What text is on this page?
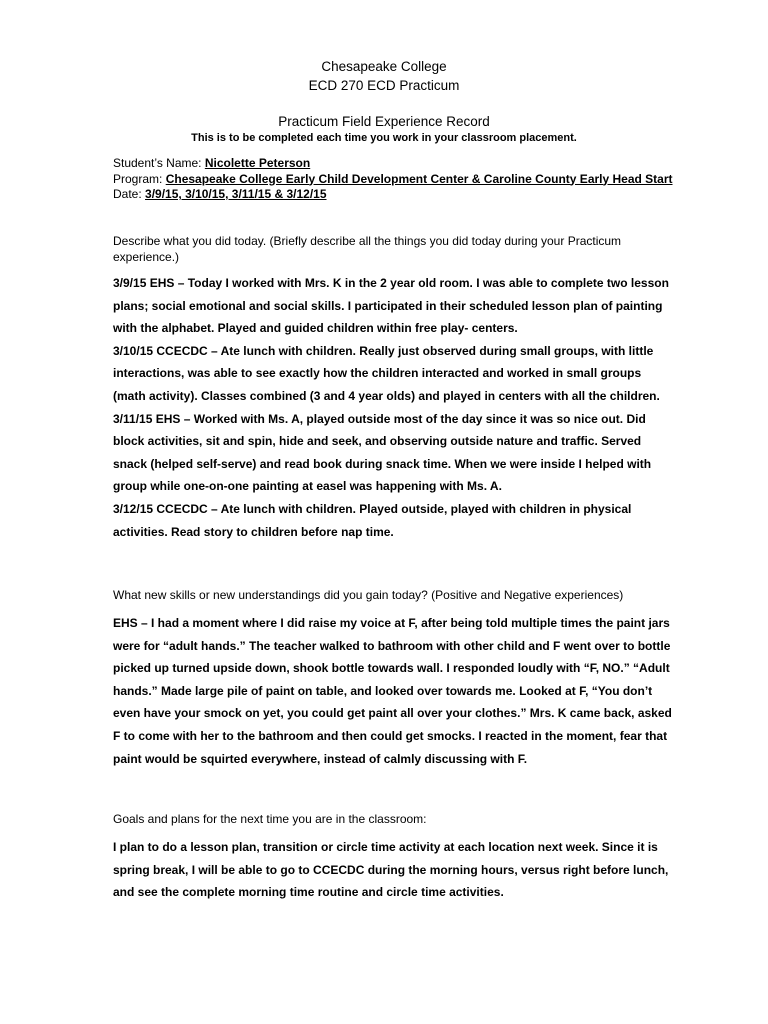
Chesapeake College
ECD 270 ECD Practicum
Practicum Field Experience Record
This is to be completed each time you work in your classroom placement.
Student’s Name: Nicolette Peterson
Program: Chesapeake College Early Child Development Center & Caroline County Early Head Start
Date: 3/9/15, 3/10/15, 3/11/15 & 3/12/15
Describe what you did today. (Briefly describe all the things you did today during your Practicum experience.)

3/9/15 EHS – Today I worked with Mrs. K in the 2 year old room. I was able to complete two lesson plans; social emotional and social skills. I participated in their scheduled lesson plan of painting with the alphabet. Played and guided children within free play- centers.

3/10/15 CCECDC – Ate lunch with children. Really just observed during small groups, with little interactions, was able to see exactly how the children interacted and worked in small groups (math activity). Classes combined (3 and 4 year olds) and played in centers with all the children.

3/11/15 EHS – Worked with Ms. A, played outside most of the day since it was so nice out. Did block activities, sit and spin, hide and seek, and observing outside nature and traffic. Served snack (helped self-serve) and read book during snack time. When we were inside I helped with group while one-on-one painting at easel was happening with Ms. A.

3/12/15 CCECDC – Ate lunch with children. Played outside, played with children in physical activities. Read story to children before nap time.

What new skills or new understandings did you gain today? (Positive and Negative experiences)

EHS – I had a moment where I did raise my voice at F, after being told multiple times the paint jars were for “adult hands.” The teacher walked to bathroom with other child and F went over to bottle picked up turned upside down, shook bottle towards wall. I responded loudly with “F, NO.” “Adult hands.” Made large pile of paint on table, and looked over towards me. Looked at F, “You don’t even have your smock on yet, you could get paint all over your clothes.” Mrs. K came back, asked F to come with her to the bathroom and then could get smocks. I reacted in the moment, fear that paint would be squirted everywhere, instead of calmly discussing with F.

Goals and plans for the next time you are in the classroom:

I plan to do a lesson plan, transition or circle time activity at each location next week. Since it is spring break, I will be able to go to CCECDC during the morning hours, versus right before lunch, and see the complete morning time routine and circle time activities.
